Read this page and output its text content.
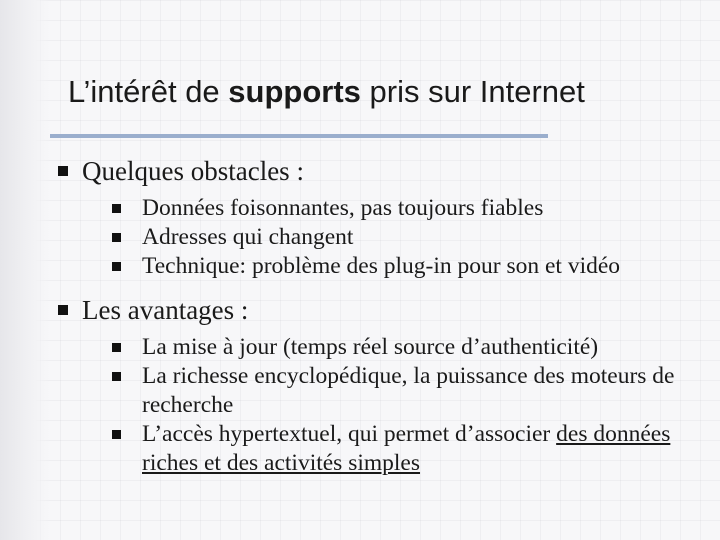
L’intérêt de supports pris sur Internet
Quelques obstacles :
Données foisonnantes, pas toujours fiables
Adresses qui changent
Technique: problème des plug-in pour son et vidéo
Les avantages :
La mise à jour (temps réel source d’authenticité)
La richesse encyclopédique, la puissance des moteurs de recherche
L’accès hypertextuel, qui permet d’associer des données riches et des activités simples
